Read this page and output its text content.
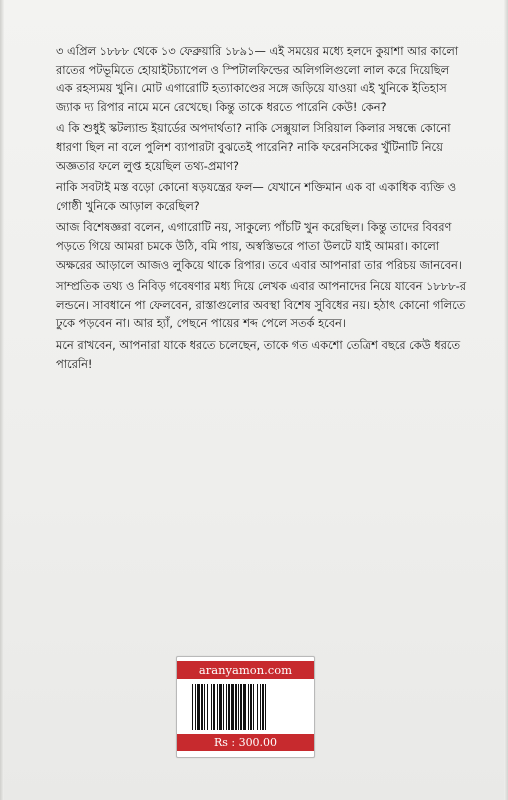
৩ এপ্রিল ১৮৮৮ থেকে ১৩ ফেব্রুয়ারি ১৮৯১— এই সময়ের মধ্যে হলদে কুয়াশা আর কালো রাতের পটভূমিতে হোয়াইটচ্যাপেল ও স্পিটালফিল্ডের অলিগলিগুলো লাল করে দিয়েছিল এক রহস্যময় খুনি। মোট এগারোটি হত্যাকাণ্ডের সঙ্গে জড়িয়ে যাওয়া এই খুনিকে ইতিহাস জ্যাক দ্য রিপার নামে মনে রেখেছে। কিন্তু তাকে ধরতে পারেনি কেউ! কেন?

এ কি শুধুই স্কটল্যান্ড ইয়ার্ডের অপদার্থতা? নাকি সেক্সুয়াল সিরিয়াল কিলার সম্বন্ধে কোনো ধারণা ছিল না বলে পুলিশ ব্যাপারটা বুঝতেই পারেনি? নাকি ফরেনসিকের খুঁটিনাটি নিয়ে অজ্ঞতার ফলে লুপ্ত হয়েছিল তথ্য-প্রমাণ?

নাকি সবটাই মস্ত বড়ো কোনো ষড়যন্ত্রের ফল— যেখানে শক্তিমান এক বা একাধিক ব্যক্তি ও গোষ্ঠী খুনিকে আড়াল করেছিল?

আজ বিশেষজ্ঞরা বলেন, এগারোটি নয়, সাকুল্যে পাঁচটি খুন করেছিল। কিন্তু তাদের বিবরণ পড়তে গিয়ে আমরা চমকে উঠি, বমি পায়, অস্বস্তিভরে পাতা উলটে যাই আমরা। কালো অক্ষরের আড়ালে আজও লুকিয়ে থাকে রিপার। তবে এবার আপনারা তার পরিচয় জানবেন।

সাম্প্রতিক তথ্য ও নিবিড় গবেষণার মধ্য দিয়ে লেখক এবার আপনাদের নিয়ে যাবেন ১৮৮৮-র লন্ডনে। সাবধানে পা ফেলবেন, রাস্তাগুলোর অবস্থা বিশেষ সুবিধের নয়। হঠাৎ কোনো গলিতে ঢুকে পড়বেন না। আর হ্যাঁ, পেছনে পায়ের শব্দ পেলে সতর্ক হবেন।

মনে রাখবেন, আপনারা যাকে ধরতে চলেছেন, তাকে গত একশো তেত্রিশ বছরে কেউ ধরতে পারেনি!

aranyamon.com
Rs : 300.00
